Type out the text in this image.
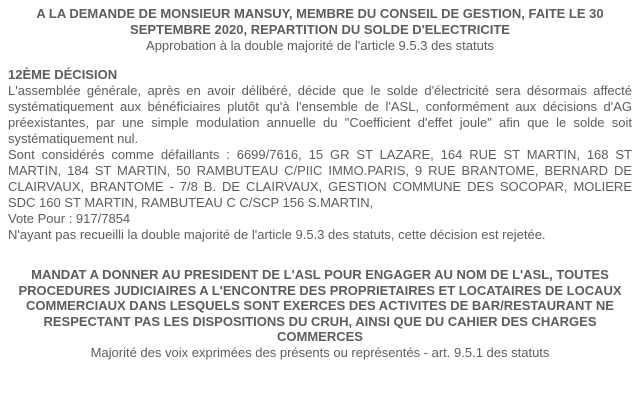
A LA DEMANDE DE MONSIEUR MANSUY, MEMBRE DU CONSEIL DE GESTION, FAITE LE 30 SEPTEMBRE 2020, REPARTITION DU SOLDE D'ELECTRICITE

Approbation à la double majorité de l'article 9.5.3 des statuts

12ÈME DÉCISION

L'assemblée générale, après en avoir délibéré, décide que le solde d'électricité sera désormais affecté systématiquement aux bénéficiaires plutôt qu'à l'ensemble de l'ASL, conformément aux décisions d'AG préexistantes, par une simple modulation annuelle du "Coefficient d'effet joule" afin que le solde soit systématiquement nul.

Sont considérés comme défaillants : 6699/7616, 15 GR ST LAZARE, 164 RUE ST MARTIN, 168 ST MARTIN, 184 ST MARTIN, 50 RAMBUTEAU C/PIIC IMMO.PARIS, 9 RUE BRANTOME, BERNARD DE CLAIRVAUX, BRANTOME - 7/8 B. DE CLAIRVAUX, GESTION COMMUNE DES SOCOPAR, MOLIERE SDC 160 ST MARTIN, RAMBUTEAU C C/SCP 156 S.MARTIN,

Vote Pour : 917/7854

N'ayant pas recueilli la double majorité de l'article 9.5.3 des statuts, cette décision est rejetée.

MANDAT A DONNER AU PRESIDENT DE L'ASL POUR ENGAGER AU NOM DE L'ASL, TOUTES PROCEDURES JUDICIAIRES A L'ENCONTRE DES PROPRIETAIRES ET LOCATAIRES DE LOCAUX COMMERCIAUX DANS LESQUELS SONT EXERCES DES ACTIVITES DE BAR/RESTAURANT NE RESPECTANT PAS LES DISPOSITIONS DU CRUH, AINSI QUE DU CAHIER DES CHARGES COMMERCES

Majorité des voix exprimées des présents ou représentés - art. 9.5.1 des statuts
